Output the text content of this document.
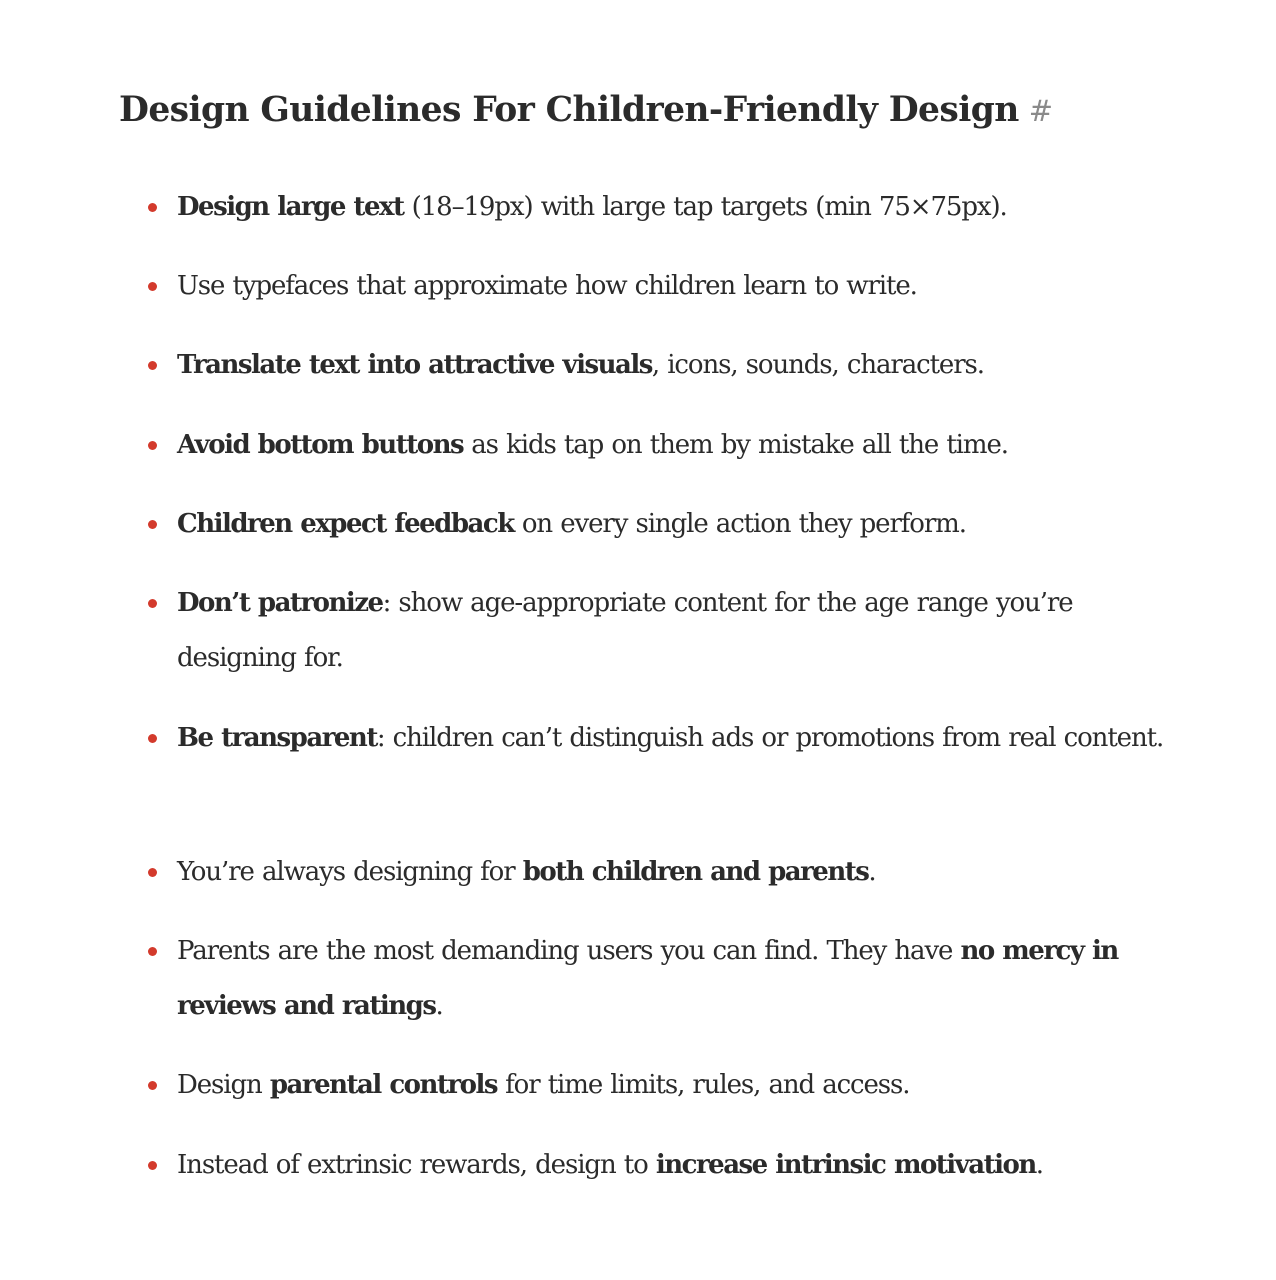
Design Guidelines For Children-Friendly Design #
Design large text (18–19px) with large tap targets (min 75×75px).
Use typefaces that approximate how children learn to write.
Translate text into attractive visuals, icons, sounds, characters.
Avoid bottom buttons as kids tap on them by mistake all the time.
Children expect feedback on every single action they perform.
Don’t patronize: show age-appropriate content for the age range you’re designing for.
Be transparent: children can’t distinguish ads or promotions from real content.
You’re always designing for both children and parents.
Parents are the most demanding users you can find. They have no mercy in reviews and ratings.
Design parental controls for time limits, rules, and access.
Instead of extrinsic rewards, design to increase intrinsic motivation.
